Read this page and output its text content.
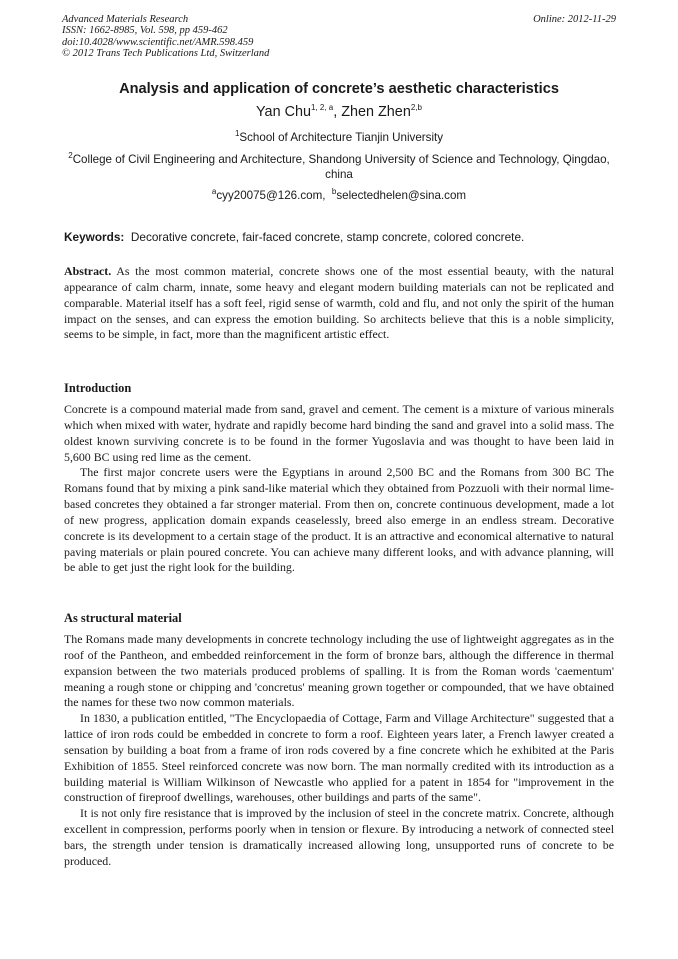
Advanced Materials Research
ISSN: 1662-8985, Vol. 598, pp 459-462
doi:10.4028/www.scientific.net/AMR.598.459
© 2012 Trans Tech Publications Ltd, Switzerland
Online: 2012-11-29
Analysis and application of concrete’s aesthetic characteristics
Yan Chu$^{1, 2, a}$, Zhen Zhen$^{2,b}$
$^1$School of Architecture Tianjin University
$^2$College of Civil Engineering and Architecture, Shandong University of Science and Technology, Qingdao, china
$^a$cyy20075@126.com, $^b$selectedhelen@sina.com
Keywords: Decorative concrete, fair-faced concrete, stamp concrete, colored concrete.

Abstract. As the most common material, concrete shows one of the most essential beauty, with the natural appearance of calm charm, innate, some heavy and elegant modern building materials can not be replicated and comparable. Material itself has a soft feel, rigid sense of warmth, cold and flu, and not only the spirit of the human impact on the senses, and can express the emotion building. So architects believe that this is a noble simplicity, seems to be simple, in fact, more than the magnificent artistic effect.

Introduction

Concrete is a compound material made from sand, gravel and cement. The cement is a mixture of various minerals which when mixed with water, hydrate and rapidly become hard binding the sand and gravel into a solid mass. The oldest known surviving concrete is to be found in the former Yugoslavia and was thought to have been laid in 5,600 BC using red lime as the cement.

The first major concrete users were the Egyptians in around 2,500 BC and the Romans from 300 BC The Romans found that by mixing a pink sand-like material which they obtained from Pozzuoli with their normal lime-based concretes they obtained a far stronger material. From then on, concrete continuous development, made a lot of new progress, application domain expands ceaselessly, breed also emerge in an endless stream. Decorative concrete is its development to a certain stage of the product. It is an attractive and economical alternative to natural paving materials or plain poured concrete. You can achieve many different looks, and with advance planning, will be able to get just the right look for the building.

As structural material

The Romans made many developments in concrete technology including the use of lightweight aggregates as in the roof of the Pantheon, and embedded reinforcement in the form of bronze bars, although the difference in thermal expansion between the two materials produced problems of spalling. It is from the Roman words 'caementum' meaning a rough stone or chipping and 'concretus' meaning grown together or compounded, that we have obtained the names for these two now common materials.

In 1830, a publication entitled, "The Encyclopaedia of Cottage, Farm and Village Architecture" suggested that a lattice of iron rods could be embedded in concrete to form a roof. Eighteen years later, a French lawyer created a sensation by building a boat from a frame of iron rods covered by a fine concrete which he exhibited at the Paris Exhibition of 1855. Steel reinforced concrete was now born. The man normally credited with its introduction as a building material is William Wilkinson of Newcastle who applied for a patent in 1854 for "improvement in the construction of fireproof dwellings, warehouses, other buildings and parts of the same".

It is not only fire resistance that is improved by the inclusion of steel in the concrete matrix. Concrete, although excellent in compression, performs poorly when in tension or flexure. By introducing a network of connected steel bars, the strength under tension is dramatically increased allowing long, unsupported runs of concrete to be produced.
